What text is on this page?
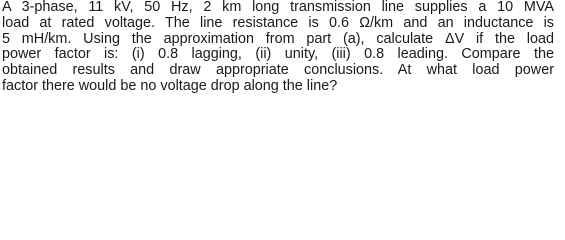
A 3-phase, 11 kV, 50 Hz, 2 km long transmission line supplies a 10 MVA
load at rated voltage. The line resistance is 0.6 Ω/km and an inductance is
5 mH/km. Using the approximation from part (a), calculate ΔV if the load
power factor is: (i) 0.8 lagging, (ii) unity, (iii) 0.8 leading. Compare the
obtained results and draw appropriate conclusions. At what load power
factor there would be no voltage drop along the line?
